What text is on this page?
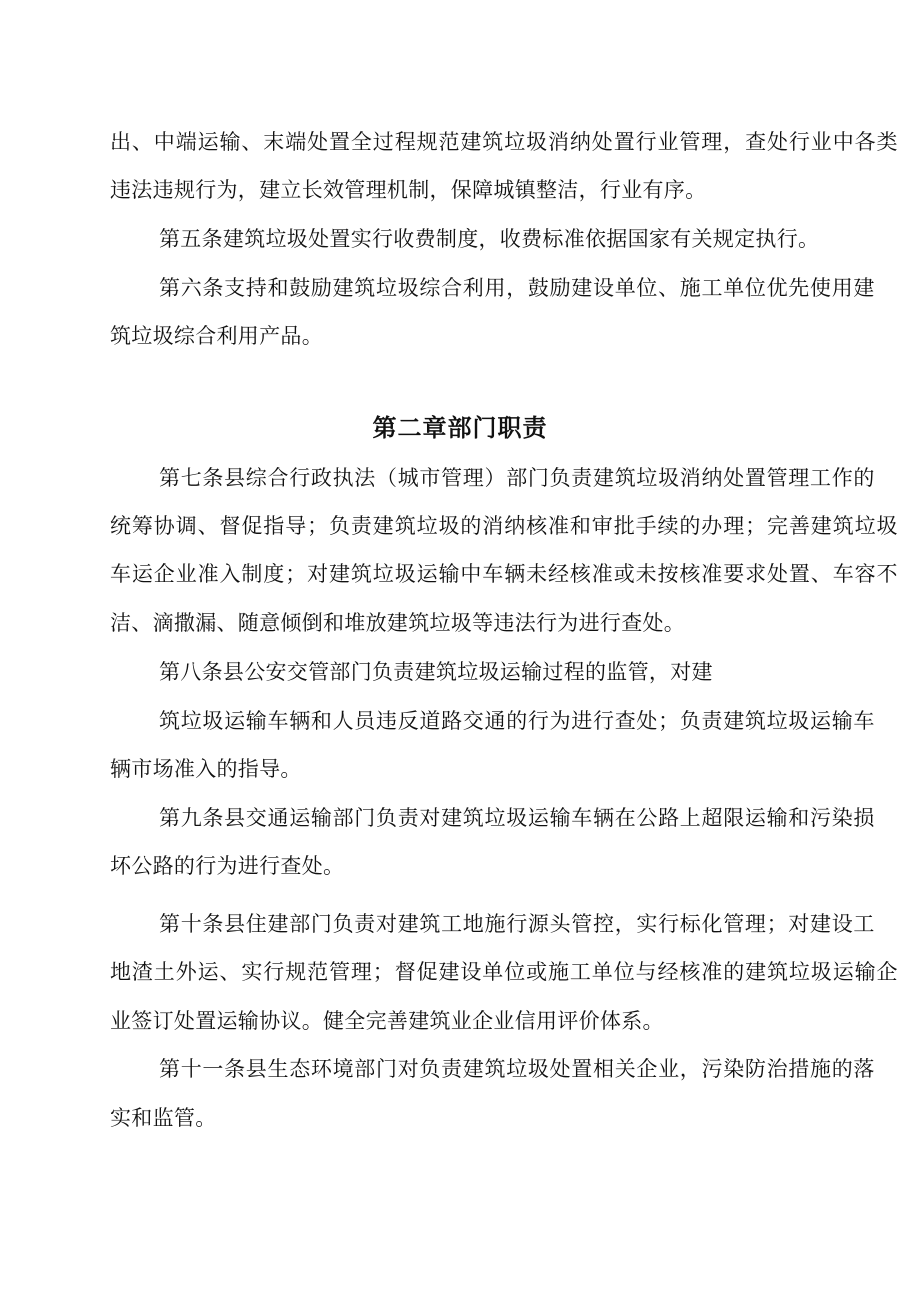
出、中端运输、末端处置全过程规范建筑垃圾消纳处置行业管理，查处行业中各类
违法违规行为，建立长效管理机制，保障城镇整洁，行业有序。
第五条建筑垃圾处置实行收费制度，收费标准依据国家有关规定执行。
第六条支持和鼓励建筑垃圾综合利用，鼓励建设单位、施工单位优先使用建
筑垃圾综合利用产品。
第二章部门职责
第七条县综合行政执法（城市管理）部门负责建筑垃圾消纳处置管理工作的
统筹协调、督促指导；负责建筑垃圾的消纳核准和审批手续的办理；完善建筑垃圾
车运企业准入制度；对建筑垃圾运输中车辆未经核准或未按核准要求处置、车容不
洁、滴撒漏、随意倾倒和堆放建筑垃圾等违法行为进行查处。
第八条县公安交管部门负责建筑垃圾运输过程的监管，对建
筑垃圾运输车辆和人员违反道路交通的行为进行查处；负责建筑垃圾运输车
辆市场准入的指导。
第九条县交通运输部门负责对建筑垃圾运输车辆在公路上超限运输和污染损
坏公路的行为进行查处。
第十条县住建部门负责对建筑工地施行源头管控，实行标化管理；对建设工
地渣土外运、实行规范管理；督促建设单位或施工单位与经核准的建筑垃圾运输企
业签订处置运输协议。健全完善建筑业企业信用评价体系。
第十一条县生态环境部门对负责建筑垃圾处置相关企业，污染防治措施的落
实和监管。
